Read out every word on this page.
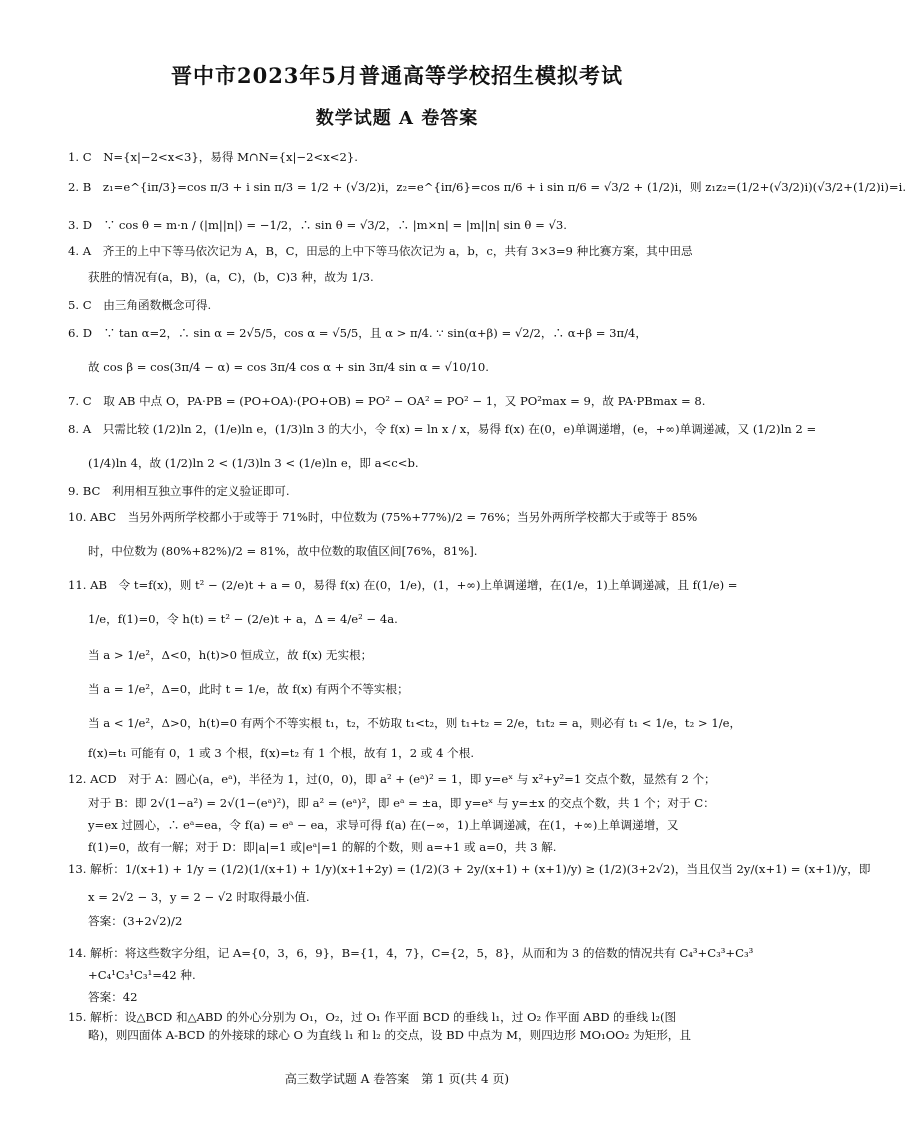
晋中市2023年5月普通高等学校招生模拟考试
数学试题 A 卷答案
1. C　N={x|−2<x<3}，易得 M∩N={x|−2<x<2}.
2. B　z₁=e^{iπ/3}=cos π/3 + i sin π/3 = 1/2 + (√3/2)i，z₂=e^{iπ/6}=cos π/6 + i sin π/6 = √3/2 + (1/2)i，则 z₁z₂=(1/2+(√3/2)i)(√3/2+(1/2)i)=i.
3. D　∵ cos θ = m·n / (|m||n|) = −1/2，∴ sin θ = √3/2，∴ |m×n| = |m||n| sin θ = √3.
4. A　齐王的上中下等马依次记为 A，B，C，田忌的上中下等马依次记为 a，b，c，共有 3×3=9 种比赛方案，其中田忌
获胜的情况有(a，B)，(a，C)，(b，C)3 种，故为 1/3.
5. C　由三角函数概念可得.
6. D　∵ tan α=2，∴ sin α = 2√5/5，cos α = √5/5，且 α > π/4. ∵ sin(α+β) = √2/2，∴ α+β = 3π/4，
故 cos β = cos(3π/4 − α) = cos 3π/4 cos α + sin 3π/4 sin α = √10/10.
7. C　取 AB 中点 O，PA·PB = (PO+OA)·(PO+OB) = PO² − OA² = PO² − 1，又 PO²max = 9，故 PA·PBmax = 8.
8. A　只需比较 (1/2)ln 2，(1/e)ln e，(1/3)ln 3 的大小，令 f(x) = ln x / x，易得 f(x) 在(0，e)单调递增，(e，+∞)单调递减，又 (1/2)ln 2 =
(1/4)ln 4，故 (1/2)ln 2 < (1/3)ln 3 < (1/e)ln e，即 a<c<b.
9. BC　利用相互独立事件的定义验证即可.
10. ABC　当另外两所学校都小于或等于 71%时，中位数为 (75%+77%)/2 = 76%；当另外两所学校都大于或等于 85%
时，中位数为 (80%+82%)/2 = 81%，故中位数的取值区间[76%，81%].
11. AB　令 t=f(x)，则 t² − (2/e)t + a = 0，易得 f(x) 在(0，1/e)，(1，+∞)上单调递增，在(1/e，1)上单调递减，且 f(1/e) =
1/e，f(1)=0，令 h(t) = t² − (2/e)t + a，Δ = 4/e² − 4a.
当 a > 1/e²，Δ<0，h(t)>0 恒成立，故 f(x) 无实根；
当 a = 1/e²，Δ=0，此时 t = 1/e，故 f(x) 有两个不等实根；
当 a < 1/e²，Δ>0，h(t)=0 有两个不等实根 t₁，t₂，不妨取 t₁<t₂，则 t₁+t₂ = 2/e，t₁t₂ = a，则必有 t₁ < 1/e，t₂ > 1/e，
f(x)=t₁ 可能有 0，1 或 3 个根，f(x)=t₂ 有 1 个根，故有 1，2 或 4 个根.
12. ACD　对于 A：圆心(a，eᵃ)，半径为 1，过(0，0)，即 a² + (eᵃ)² = 1，即 y=eˣ 与 x²+y²=1 交点个数，显然有 2 个；
对于 B：即 2√(1−a²) = 2√(1−(eᵃ)²)，即 a² = (eᵃ)²，即 eᵃ = ±a，即 y=eˣ 与 y=±x 的交点个数，共 1 个；对于 C：
y=ex 过圆心，∴ eᵃ=ea，令 f(a) = eᵃ − ea，求导可得 f(a) 在(−∞，1)上单调递减，在(1，+∞)上单调递增，又
f(1)=0，故有一解；对于 D：即|a|=1 或|eᵃ|=1 的解的个数，则 a=+1 或 a=0，共 3 解.
13. 解析：1/(x+1) + 1/y = (1/2)(1/(x+1) + 1/y)(x+1+2y) = (1/2)(3 + 2y/(x+1) + (x+1)/y) ≥ (1/2)(3+2√2)，当且仅当 2y/(x+1) = (x+1)/y，即
x = 2√2 − 3，y = 2 − √2 时取得最小值.
答案：(3+2√2)/2
14. 解析：将这些数字分组，记 A={0，3，6，9}，B={1，4，7}，C={2，5，8}，从而和为 3 的倍数的情况共有 C₄³+C₃³+C₃³
+C₄¹C₃¹C₃¹=42 种.
答案：42
15. 解析：设△BCD 和△ABD 的外心分别为 O₁，O₂，过 O₁ 作平面 BCD 的垂线 l₁，过 O₂ 作平面 ABD 的垂线 l₂(图
略)，则四面体 A-BCD 的外接球的球心 O 为直线 l₁ 和 l₂ 的交点，设 BD 中点为 M，则四边形 MO₁OO₂ 为矩形，且
高三数学试题 A 卷答案　第 1 页(共 4 页)
